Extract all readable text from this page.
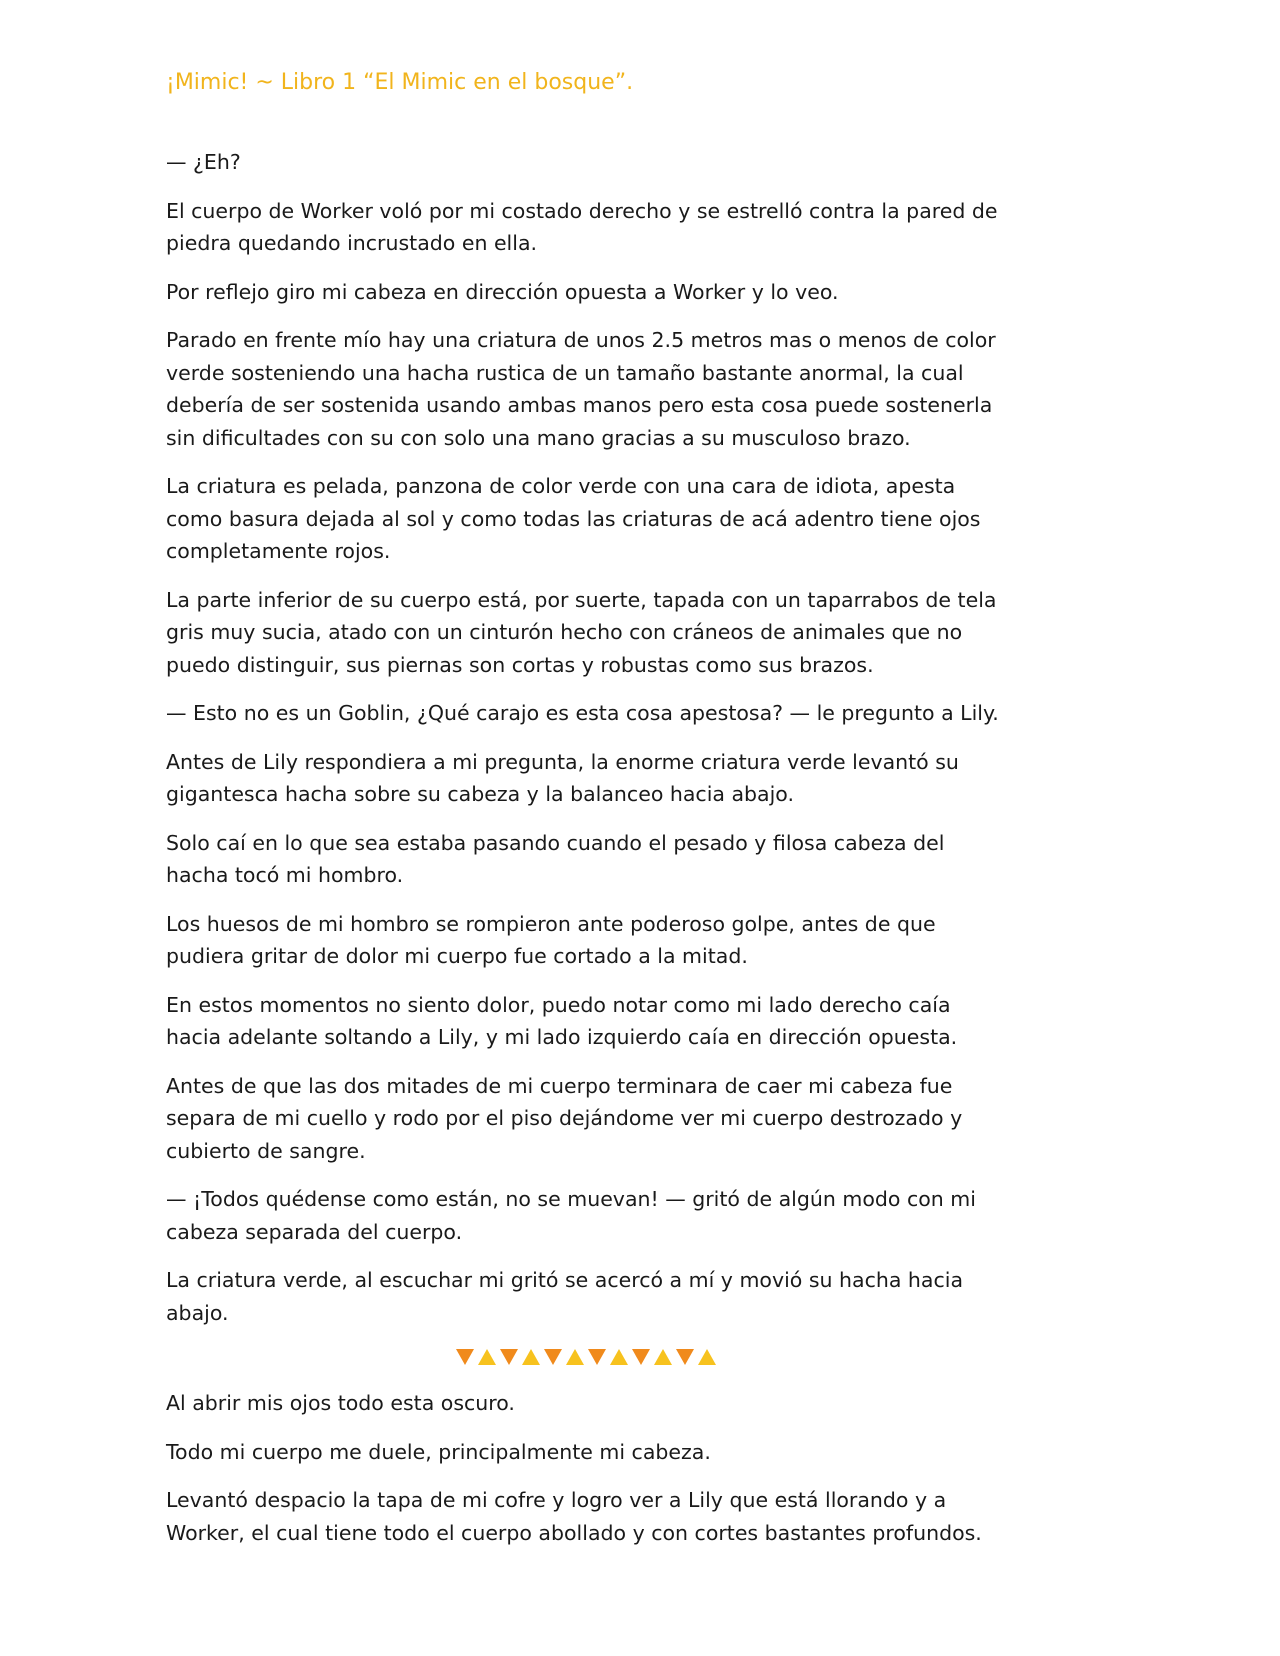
¡Mimic! ~ Libro 1 “El Mimic en el bosque”.

— ¿Eh?

El cuerpo de Worker voló por mi costado derecho y se estrelló contra la pared de piedra quedando incrustado en ella.

Por reflejo giro mi cabeza en dirección opuesta a Worker y lo veo.

Parado en frente mío hay una criatura de unos 2.5 metros mas o menos de color verde sosteniendo una hacha rustica de un tamaño bastante anormal, la cual debería de ser sostenida usando ambas manos pero esta cosa puede sostenerla sin dificultades con su con solo una mano gracias a su musculoso brazo.

La criatura es pelada, panzona de color verde con una cara de idiota, apesta como basura dejada al sol y como todas las criaturas de acá adentro tiene ojos completamente rojos.

La parte inferior de su cuerpo está, por suerte, tapada con un taparrabos de tela gris muy sucia, atado con un cinturón hecho con cráneos de animales que no puedo distinguir, sus piernas son cortas y robustas como sus brazos.

— Esto no es un Goblin, ¿Qué carajo es esta cosa apestosa? — le pregunto a Lily.

Antes de Lily respondiera a mi pregunta, la enorme criatura verde levantó su gigantesca hacha sobre su cabeza y la balanceo hacia abajo.

Solo caí en lo que sea estaba pasando cuando el pesado y filosa cabeza del hacha tocó mi hombro.

Los huesos de mi hombro se rompieron ante poderoso golpe, antes de que pudiera gritar de dolor mi cuerpo fue cortado a la mitad.

En estos momentos no siento dolor, puedo notar como mi lado derecho caía hacia adelante soltando a Lily, y mi lado izquierdo caía en dirección opuesta.

Antes de que las dos mitades de mi cuerpo terminara de caer mi cabeza fue separa de mi cuello y rodo por el piso dejándome ver mi cuerpo destrozado y cubierto de sangre.

— ¡Todos quédense como están, no se muevan! — gritó de algún modo con mi cabeza separada del cuerpo.

La criatura verde, al escuchar mi gritó se acercó a mí y movió su hacha hacia abajo.

Al abrir mis ojos todo esta oscuro.

Todo mi cuerpo me duele, principalmente mi cabeza.

Levantó despacio la tapa de mi cofre y logro ver a Lily que está llorando y a Worker, el cual tiene todo el cuerpo abollado y con cortes bastantes profundos.
